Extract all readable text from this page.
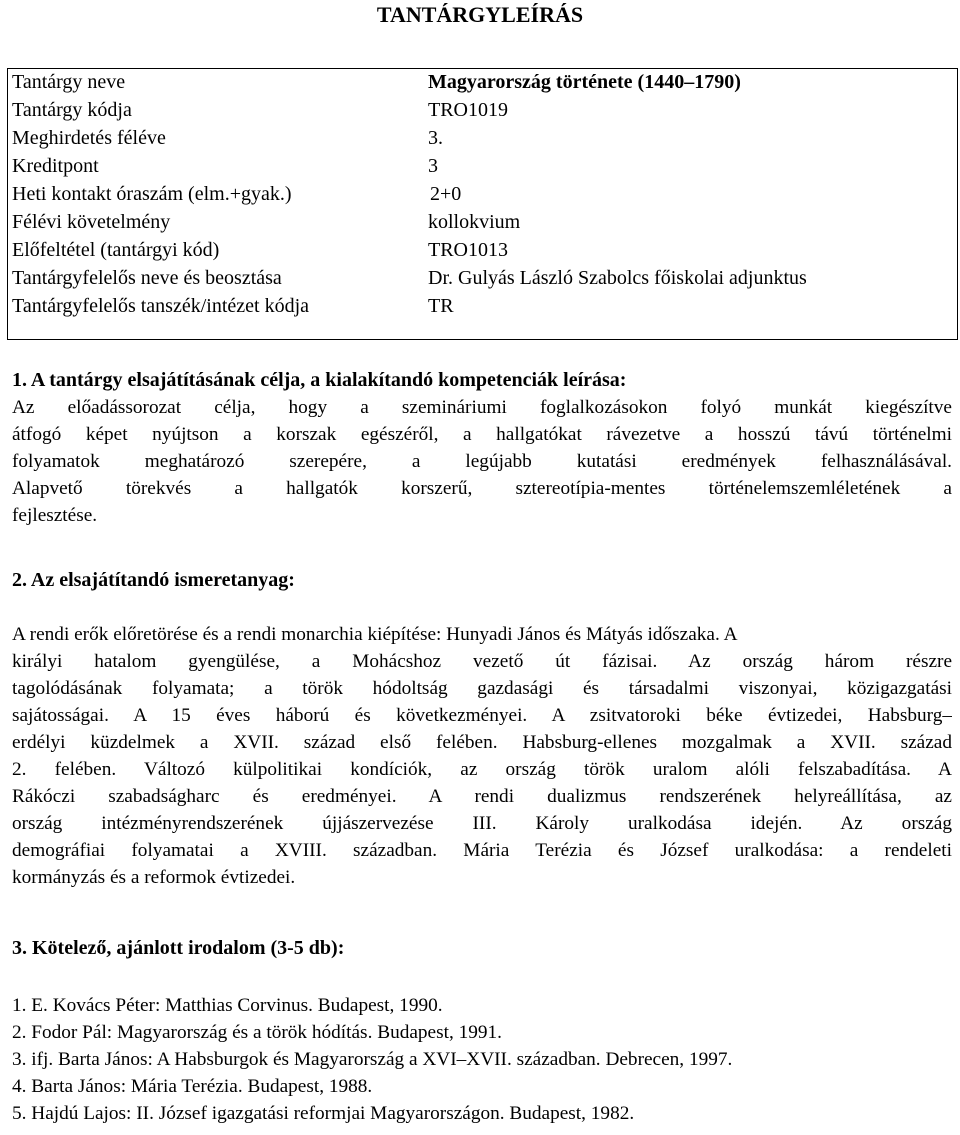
TANTÁRGYLEÍRÁS
Tantárgy neve	Magyarország története (1440–1790)
Tantárgy kódja	TRO1019
Meghirdetés féléve	3.
Kreditpont	3
Heti kontakt óraszám (elm.+gyak.)	2+0
Félévi követelmény	kollokvium
Előfeltétel (tantárgyi kód)	TRO1013
Tantárgyfelelős neve és beosztása	Dr. Gulyás László Szabolcs főiskolai adjunktus
Tantárgyfelelős tanszék/intézet kódja	TR
1. A tantárgy elsajátításának célja, a kialakítandó kompetenciák leírása:
Az előadássorozat célja, hogy a szemináriumi foglalkozásokon folyó munkát kiegészítve
átfogó képet nyújtson a korszak egészéről, a hallgatókat rávezetve a hosszú távú történelmi
folyamatok meghatározó szerepére, a legújabb kutatási eredmények felhasználásával.
Alapvető törekvés a hallgatók korszerű, sztereotípia-mentes történelemszemléletének a
fejlesztése.
2. Az elsajátítandó ismeretanyag:
A rendi erők előretörése és a rendi monarchia kiépítése: Hunyadi János és Mátyás időszaka. A
királyi hatalom gyengülése, a Mohácshoz vezető út fázisai. Az ország három részre
tagolódásának folyamata; a török hódoltság gazdasági és társadalmi viszonyai, közigazgatási
sajátosságai. A 15 éves háború és következményei. A zsitvatoroki béke évtizedei, Habsburg–
erdélyi küzdelmek a XVII. század első felében. Habsburg-ellenes mozgalmak a XVII. század
2. felében. Változó külpolitikai kondíciók, az ország török uralom alóli felszabadítása. A
Rákóczi szabadságharc és eredményei. A rendi dualizmus rendszerének helyreállítása, az
ország intézményrendszerének újjászervezése III. Károly uralkodása idején. Az ország
demográfiai folyamatai a XVIII. században. Mária Terézia és József uralkodása: a rendeleti
kormányzás és a reformok évtizedei.
3. Kötelező, ajánlott irodalom (3-5 db):
1. E. Kovács Péter: Matthias Corvinus. Budapest, 1990.
2. Fodor Pál: Magyarország és a török hódítás. Budapest, 1991.
3. ifj. Barta János: A Habsburgok és Magyarország a XVI–XVII. században. Debrecen, 1997.
4. Barta János: Mária Terézia. Budapest, 1988.
5. Hajdú Lajos: II. József igazgatási reformjai Magyarországon. Budapest, 1982.
